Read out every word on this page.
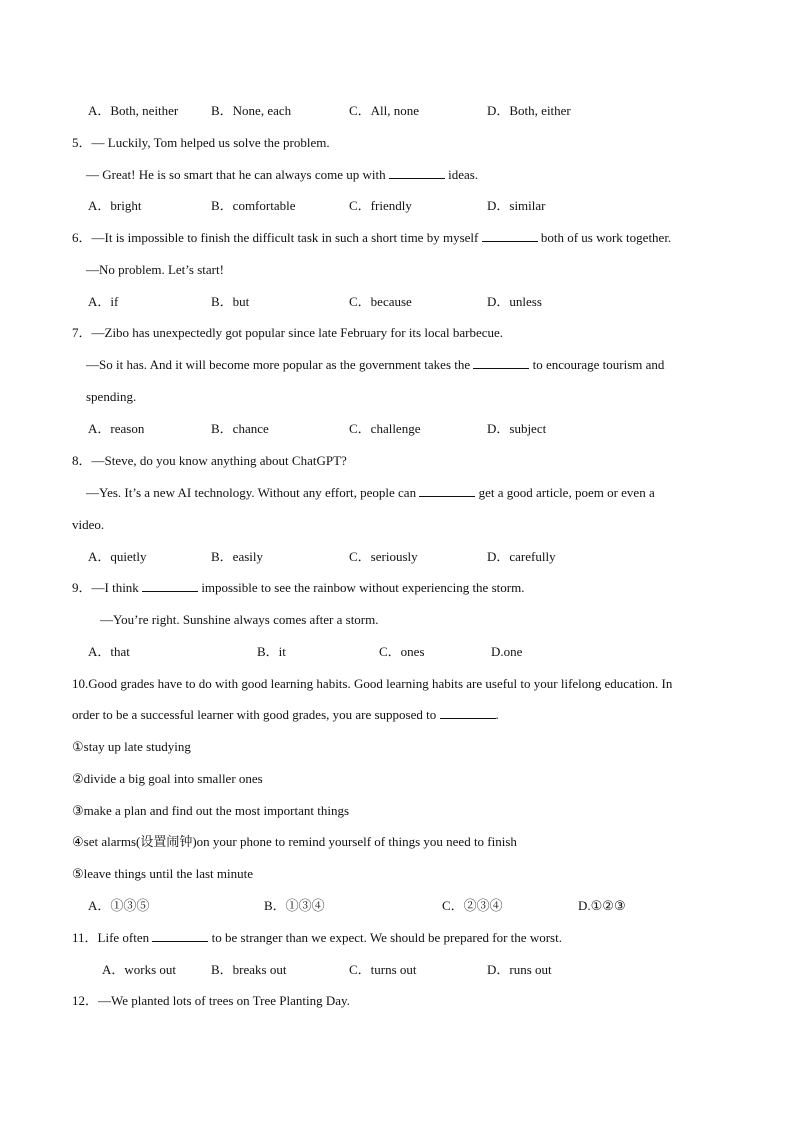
A．Both, neither	B．None, each	C．All, none	D．Both, either
5．— Luckily, Tom helped us solve the problem.
— Great! He is so smart that he can always come up with	ideas.
A．bright	B．comfortable	C．friendly	D．similar
6．—It is impossible to finish the difficult task in such a short time by myself	both of us work together.
—No problem. Let’s start!
A．if	B．but	C．because	D．unless
7．—Zibo has unexpectedly got popular since late February for its local barbecue.
—So it has. And it will become more popular as the government takes the	to encourage tourism and
spending.
A．reason	B．chance	C．challenge	D．subject
8．—Steve, do you know anything about ChatGPT?
—Yes. It’s a new AI technology. Without any effort, people can	get a good article, poem or even a
video.
A．quietly	B．easily	C．seriously	D．carefully
9．—I think	impossible to see the rainbow without experiencing the storm.
—You’re right. Sunshine always comes after a storm.
A．that	B．it	C．ones	D.one
10.Good grades have to do with good learning habits. Good learning habits are useful to your lifelong education. In
order to be a successful learner with good grades, you are supposed to	.
①stay up late studying
②divide a big goal into smaller ones
③make a plan and find out the most important things
④set alarms(设置闹钟)on your phone to remind yourself of things you need to finish
⑤leave things until the last minute
A．①③⑤	B．①③④	C．②③④	D.①②③
11．Life often	to be stranger than we expect. We should be prepared for the worst.
A．works out	B．breaks out	C．turns out	D．runs out
12．—We planted lots of trees on Tree Planting Day.
